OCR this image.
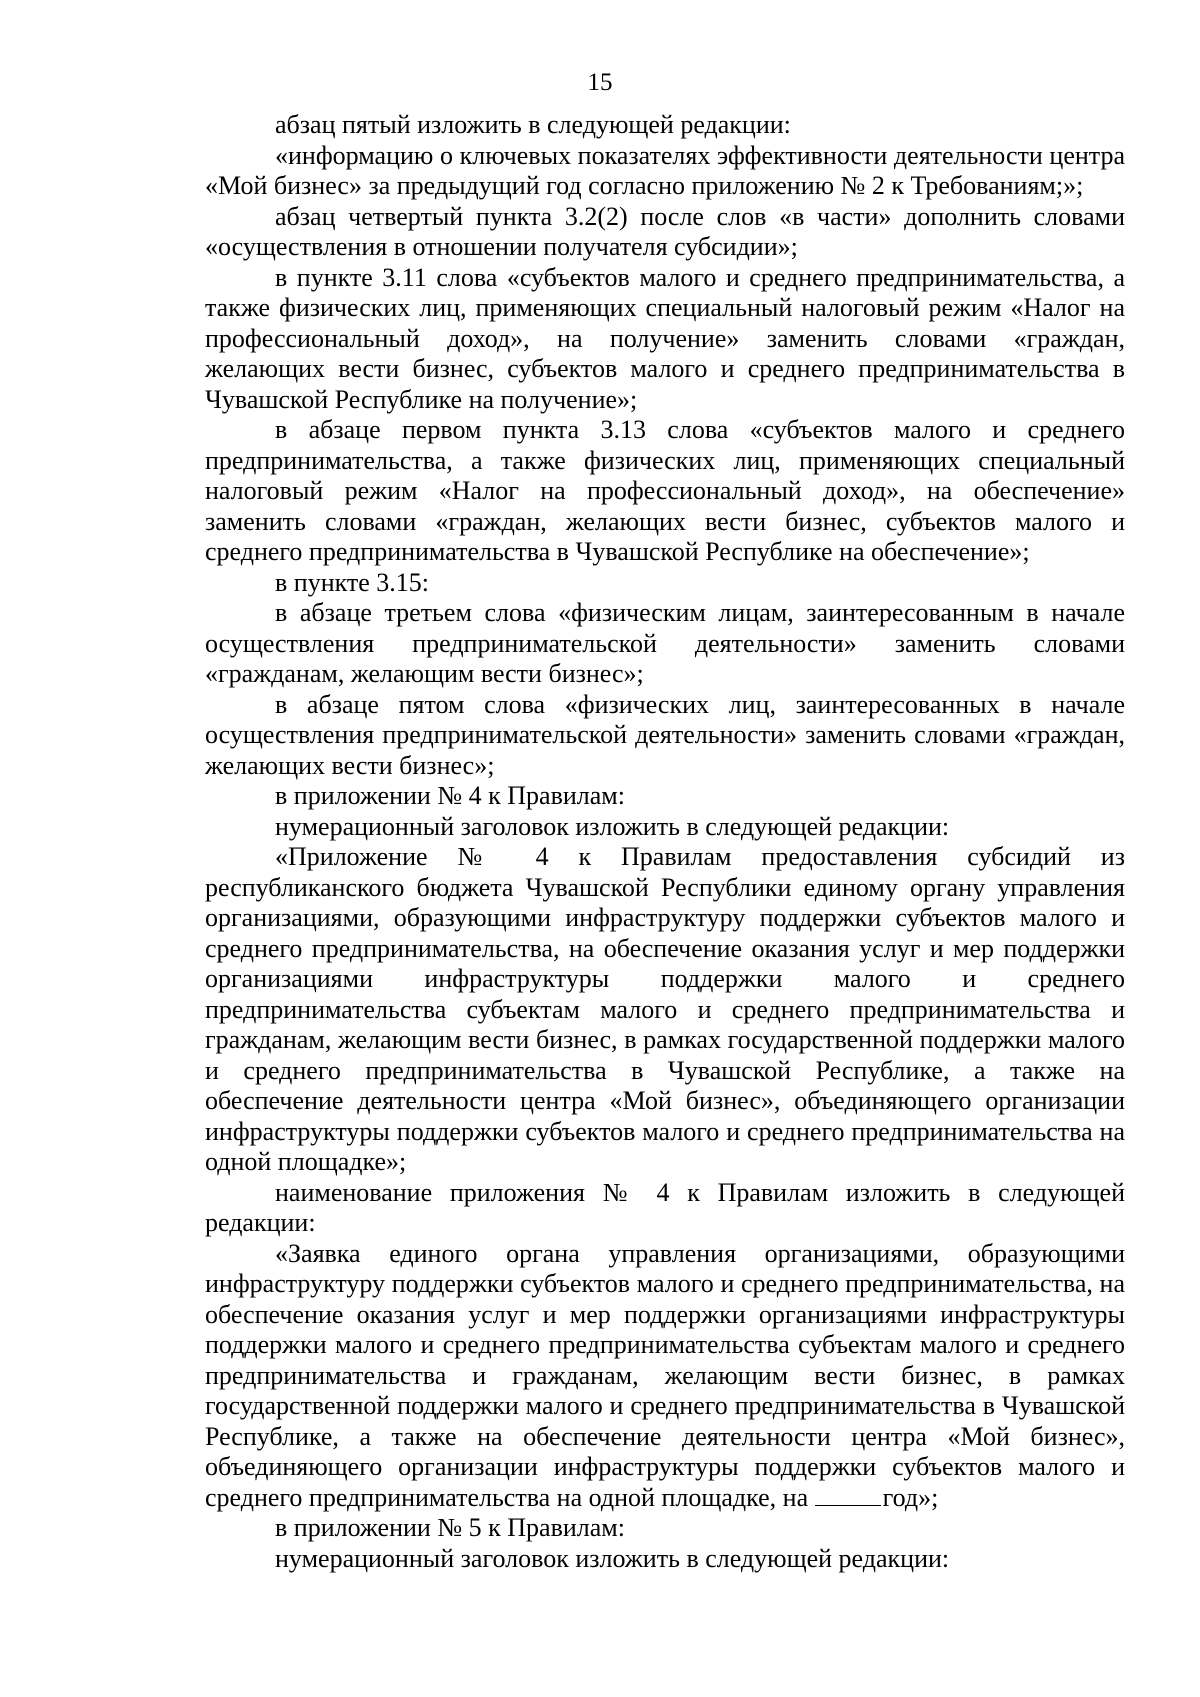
15

абзац пятый изложить в следующей редакции:

«информацию о ключевых показателях эффективности деятельности центра «Мой бизнес» за предыдущий год согласно приложению № 2 к Требованиям;»;

абзац четвертый пункта 3.2(2) после слов «в части» дополнить словами «осуществления в отношении получателя субсидии»;

в пункте 3.11 слова «субъектов малого и среднего предпринимательства, а также физических лиц, применяющих специальный налоговый режим «Налог на профессиональный доход», на получение» заменить словами «граждан, желающих вести бизнес, субъектов малого и среднего предпринимательства в Чувашской Республике на получение»;

в абзаце первом пункта 3.13 слова «субъектов малого и среднего предпринимательства, а также физических лиц, применяющих специальный налоговый режим «Налог на профессиональный доход», на обеспечение» заменить словами «граждан, желающих вести бизнес, субъектов малого и среднего предпринимательства в Чувашской Республике на обеспечение»;

в пункте 3.15:

в абзаце третьем слова «физическим лицам, заинтересованным в начале осуществления предпринимательской деятельности» заменить словами «гражданам, желающим вести бизнес»;

в абзаце пятом слова «физических лиц, заинтересованных в начале осуществления предпринимательской деятельности» заменить словами «граждан, желающих вести бизнес»;

в приложении № 4 к Правилам:

нумерационный заголовок изложить в следующей редакции:

«Приложение № 4 к Правилам предоставления субсидий из республиканского бюджета Чувашской Республики единому органу управления организациями, образующими инфраструктуру поддержки субъектов малого и среднего предпринимательства, на обеспечение оказания услуг и мер поддержки организациями инфраструктуры поддержки малого и среднего предпринимательства субъектам малого и среднего предпринимательства и гражданам, желающим вести бизнес, в рамках государственной поддержки малого и среднего предпринимательства в Чувашской Республике, а также на обеспечение деятельности центра «Мой бизнес», объединяющего организации инфраструктуры поддержки субъектов малого и среднего предпринимательства на одной площадке»;

наименование приложения № 4 к Правилам изложить в следующей редакции:

«Заявка единого органа управления организациями, образующими инфраструктуру поддержки субъектов малого и среднего предпринимательства, на обеспечение оказания услуг и мер поддержки организациями инфраструктуры поддержки малого и среднего предпринимательства субъектам малого и среднего предпринимательства и гражданам, желающим вести бизнес, в рамках государственной поддержки малого и среднего предпринимательства в Чувашской Республике, а также на обеспечение деятельности центра «Мой бизнес», объединяющего организации инфраструктуры поддержки субъектов малого и среднего предпринимательства на одной площадке, на	год»;

в приложении № 5 к Правилам:

нумерационный заголовок изложить в следующей редакции:
